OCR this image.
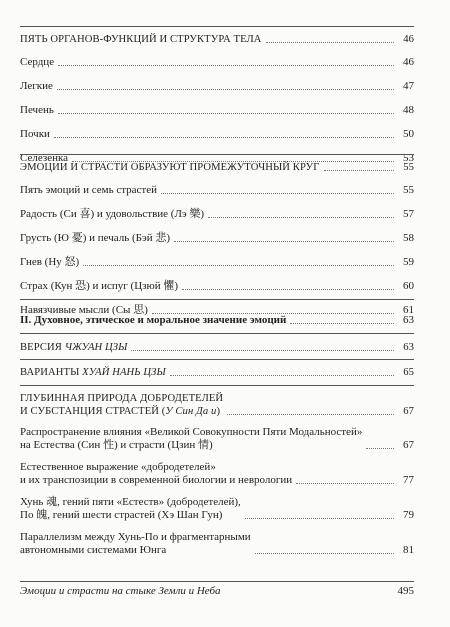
ПЯТЬ ОРГАНОВ-ФУНКЦИЙ И СТРУКТУРА ТЕЛА	46
Сердце	46
Легкие	47
Печень	48
Почки	50
Селезенка	53
ЭМОЦИИ И СТРАСТИ ОБРАЗУЮТ ПРОМЕЖУТОЧНЫЙ КРУГ	55
Пять эмоций и семь страстей	55
Радость (Си 喜) и удовольствие (Лэ 樂)	57
Грусть (Ю 憂) и печаль (Бэй 悲)	58
Гнев (Ну 怒)	59
Страх (Кун 恐) и испуг (Цзюй 懼)	60
Навязчивые мысли (Сы 思)	61
II. Духовное, этическое и моральное значение эмоций	63
ВЕРСИЯ ЧЖУАН ЦЗЫ	63
ВАРИАНТЫ ХУАЙ НАНЬ ЦЗЫ	65
ГЛУБИННАЯ ПРИРОДА ДОБРОДЕТЕЛЕЙ
И СУБСТАНЦИЯ СТРАСТЕЙ (У Син Да и)	67
Распространение влияния «Великой Совокупности Пяти Модальностей»
на Естества (Син 性) и страсти (Цзин 情)	67
Естественное выражение «добродетелей»
и их транспозиции в современной биологии и неврологии	77
Хунь 魂, гений пяти «Естеств» (добродетелей),
По 魄, гений шести страстей (Хэ Шан Гун)	79
Параллелизм между Хунь-По и фрагментарными
автономными системами Юнга	81
Эмоции и страсти на стыке Земли и Неба	495
